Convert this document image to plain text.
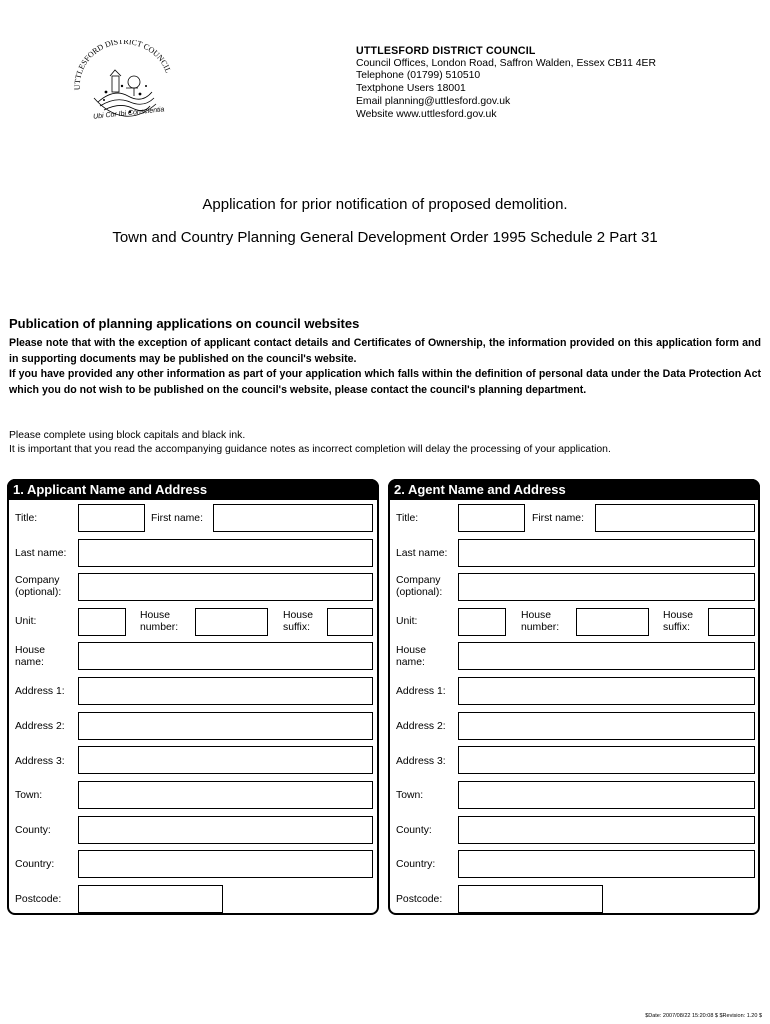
UTTLESFORD DISTRICT COUNCIL
Ubi Cor Ibi Conscientia
UTTLESFORD DISTRICT COUNCIL
Council Offices, London Road, Saffron Walden, Essex CB11 4ER
Telephone (01799) 510510
Textphone Users 18001
Email planning@uttlesford.gov.uk
Website www.uttlesford.gov.uk
Application for prior notification of proposed demolition.
Town and Country Planning General Development Order 1995 Schedule 2 Part 31
Publication of planning applications on council websites

Please note that with the exception of applicant contact details and Certificates of Ownership, the information provided on this application form and in supporting documents may be published on the council's website.

If you have provided any other information as part of your application which falls within the definition of personal data under the Data Protection Act which you do not wish to be published on the council's website, please contact the council's planning department.

Please complete using block capitals and black ink.

It is important that you read the accompanying guidance notes as incorrect completion will delay the processing of your application.

1. Applicant Name and Address
Title:	First name:
Last name:
Company
(optional):
Unit:
House
number:
House
suffix:
House
name:
Address 1:
Address 2:
Address 3:
Town:
County:
Country:
Postcode:
2. Agent Name and Address
Title:	First name:
Last name:
Company
(optional):
Unit:
House
number:
House
suffix:
House
name:
Address 1:
Address 2:
Address 3:
Town:
County:
Country:
Postcode:
$Date: 2007/08/22 15:20:08 $ $Revision: 1.20 $
